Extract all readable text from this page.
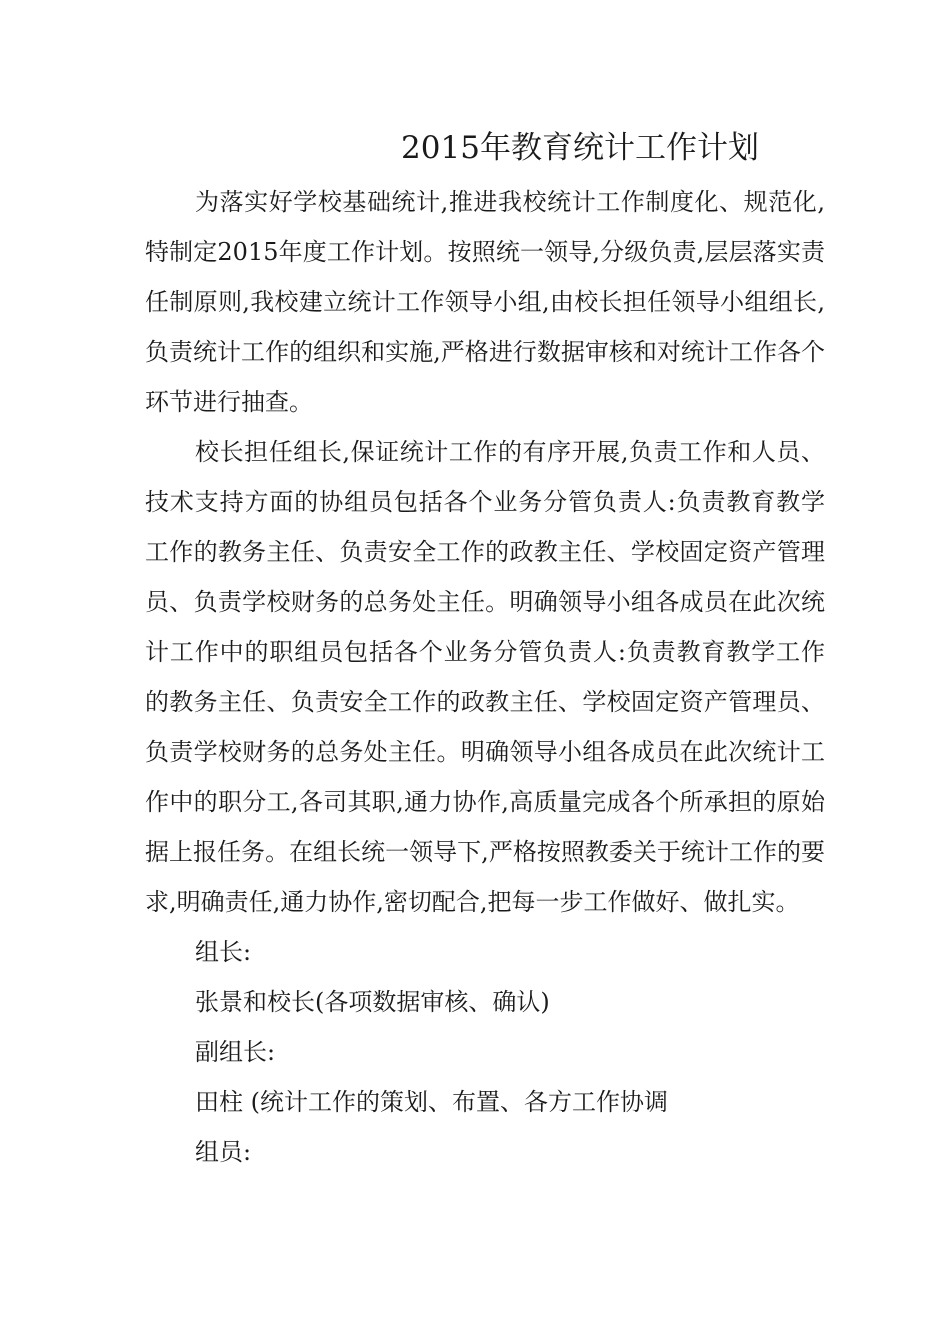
2015年教育统计工作计划

为落实好学校基础统计,推进我校统计工作制度化、规范化,特制定2015年度工作计划。按照统一领导,分级负责,层层落实责任制原则,我校建立统计工作领导小组,由校长担任领导小组组长,负责统计工作的组织和实施,严格进行数据审核和对统计工作各个环节进行抽查。

校长担任组长,保证统计工作的有序开展,负责工作和人员、技术支持方面的协组员包括各个业务分管负责人:负责教育教学工作的教务主任、负责安全工作的政教主任、学校固定资产管理员、负责学校财务的总务处主任。明确领导小组各成员在此次统计工作中的职组员包括各个业务分管负责人:负责教育教学工作的教务主任、负责安全工作的政教主任、学校固定资产管理员、负责学校财务的总务处主任。明确领导小组各成员在此次统计工作中的职分工,各司其职,通力协作,高质量完成各个所承担的原始据上报任务。在组长统一领导下,严格按照教委关于统计工作的要求,明确责任,通力协作,密切配合,把每一步工作做好、做扎实。

组长:

张景和校长(各项数据审核、确认)

副组长:

田柱 (统计工作的策划、布置、各方工作协调

组员:
